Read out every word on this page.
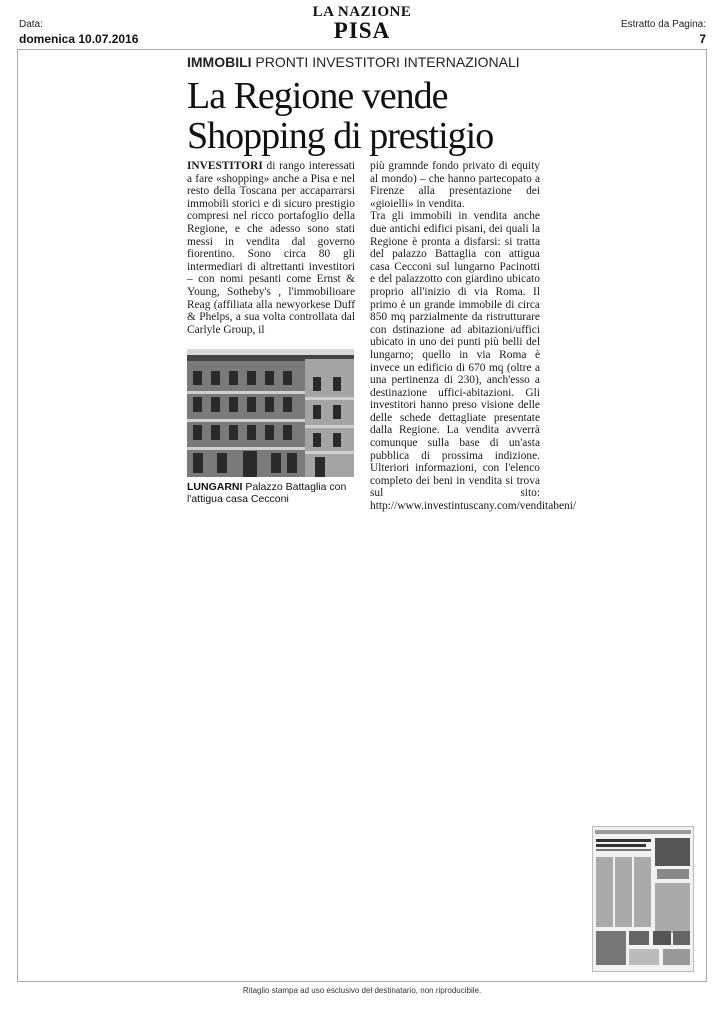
Data:
domenica 10.07.2016
LA NAZIONE
PISA	Estratto da Pagina:
7
IMMOBILI PRONTI INVESTITORI INTERNAZIONALI
La Regione vende
Shopping di prestigio
INVESTITORI di rango interessati a fare «shopping» anche a Pisa e nel resto della Toscana per accaparrarsi immobili storici e di sicuro prestigio compresi nel ricco portafoglio della Regione, e che adesso sono stati messi in vendita dal governo fiorentino. Sono circa 80 gli intermediari di altrettanti investitori – con nomi pesanti come Ernst & Young, Sotheby's , l'immobilioare Reag (affiliata alla newyorkese Duff & Phelps, a sua volta controllata dal Carlyle Group, il
LUNGARNI Palazzo Battaglia con l'attigua casa Cecconi
più gramnde fondo privato di equity al mondo) – che hanno partecopato a Firenze alla presentazione dei «gioielli» in vendita.
Tra gli immobili in vendita anche due antichi edifici pisani, dei quali la Regione è pronta a disfarsi: si tratta del palazzo Battaglia con attigua casa Cecconi sul lungarno Pacinotti e del palazzotto con giardino ubicato proprio all'inizio di via Roma. Il primo è un grande immobile di circa 850 mq parzialmente da ristrutturare con dstinazione ad abitazioni/uffici ubicato in uno dei punti più belli del lungarno; quello in via Roma è invece un edificio di 670 mq (oltre a una pertinenza di 230), anch'esso a destinazione uffici-abitazioni. Gli investitori hanno preso visione delle delle schede dettagliate presentate dalla Regione. La vendita avverrà comunque sulla base di un'asta pubblica di prossima indizione. Ulteriori informazioni, con l'elenco completo dei beni in vendita si trova sul sito: http://www.investintuscany.com/venditabeni/
Ritaglio stampa ad uso esclusivo del destinatario, non riproducibile.
